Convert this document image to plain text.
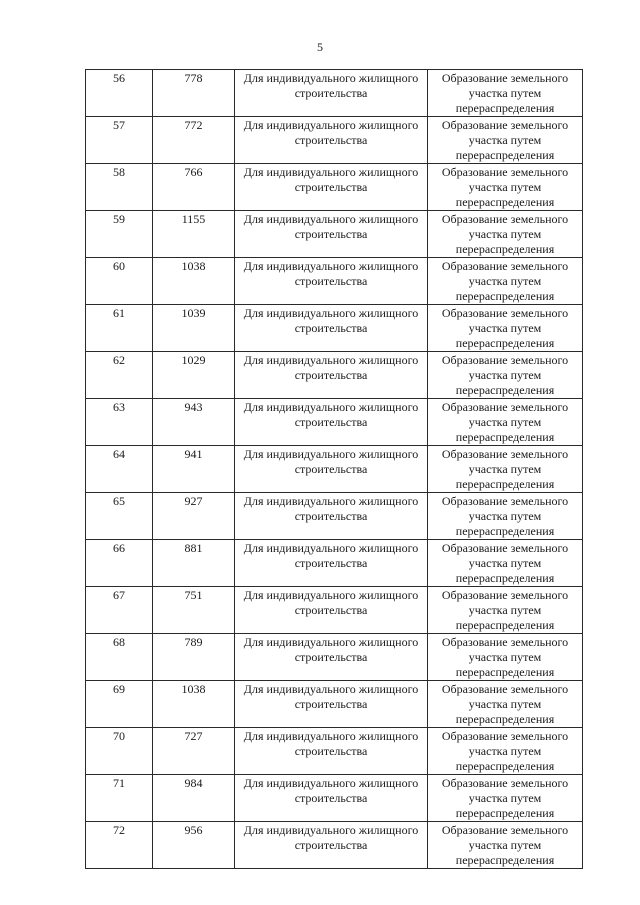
5
56	778	Для индивидуального жилищного строительства	Образование земельного участка путем перераспределения

57	772	Для индивидуального жилищного строительства	Образование земельного участка путем перераспределения

58	766	Для индивидуального жилищного строительства	Образование земельного участка путем перераспределения

59	1155	Для индивидуального жилищного строительства	Образование земельного участка путем перераспределения

60	1038	Для индивидуального жилищного строительства	Образование земельного участка путем перераспределения

61	1039	Для индивидуального жилищного строительства	Образование земельного участка путем перераспределения

62	1029	Для индивидуального жилищного строительства	Образование земельного участка путем перераспределения

63	943	Для индивидуального жилищного строительства	Образование земельного участка путем перераспределения

64	941	Для индивидуального жилищного строительства	Образование земельного участка путем перераспределения

65	927	Для индивидуального жилищного строительства	Образование земельного участка путем перераспределения

66	881	Для индивидуального жилищного строительства	Образование земельного участка путем перераспределения

67	751	Для индивидуального жилищного строительства	Образование земельного участка путем перераспределения

68	789	Для индивидуального жилищного строительства	Образование земельного участка путем перераспределения

69	1038	Для индивидуального жилищного строительства	Образование земельного участка путем перераспределения

70	727	Для индивидуального жилищного строительства	Образование земельного участка путем перераспределения

71	984	Для индивидуального жилищного строительства	Образование земельного участка путем перераспределения

72	956	Для индивидуального жилищного строительства	Образование земельного участка путем перераспределения
